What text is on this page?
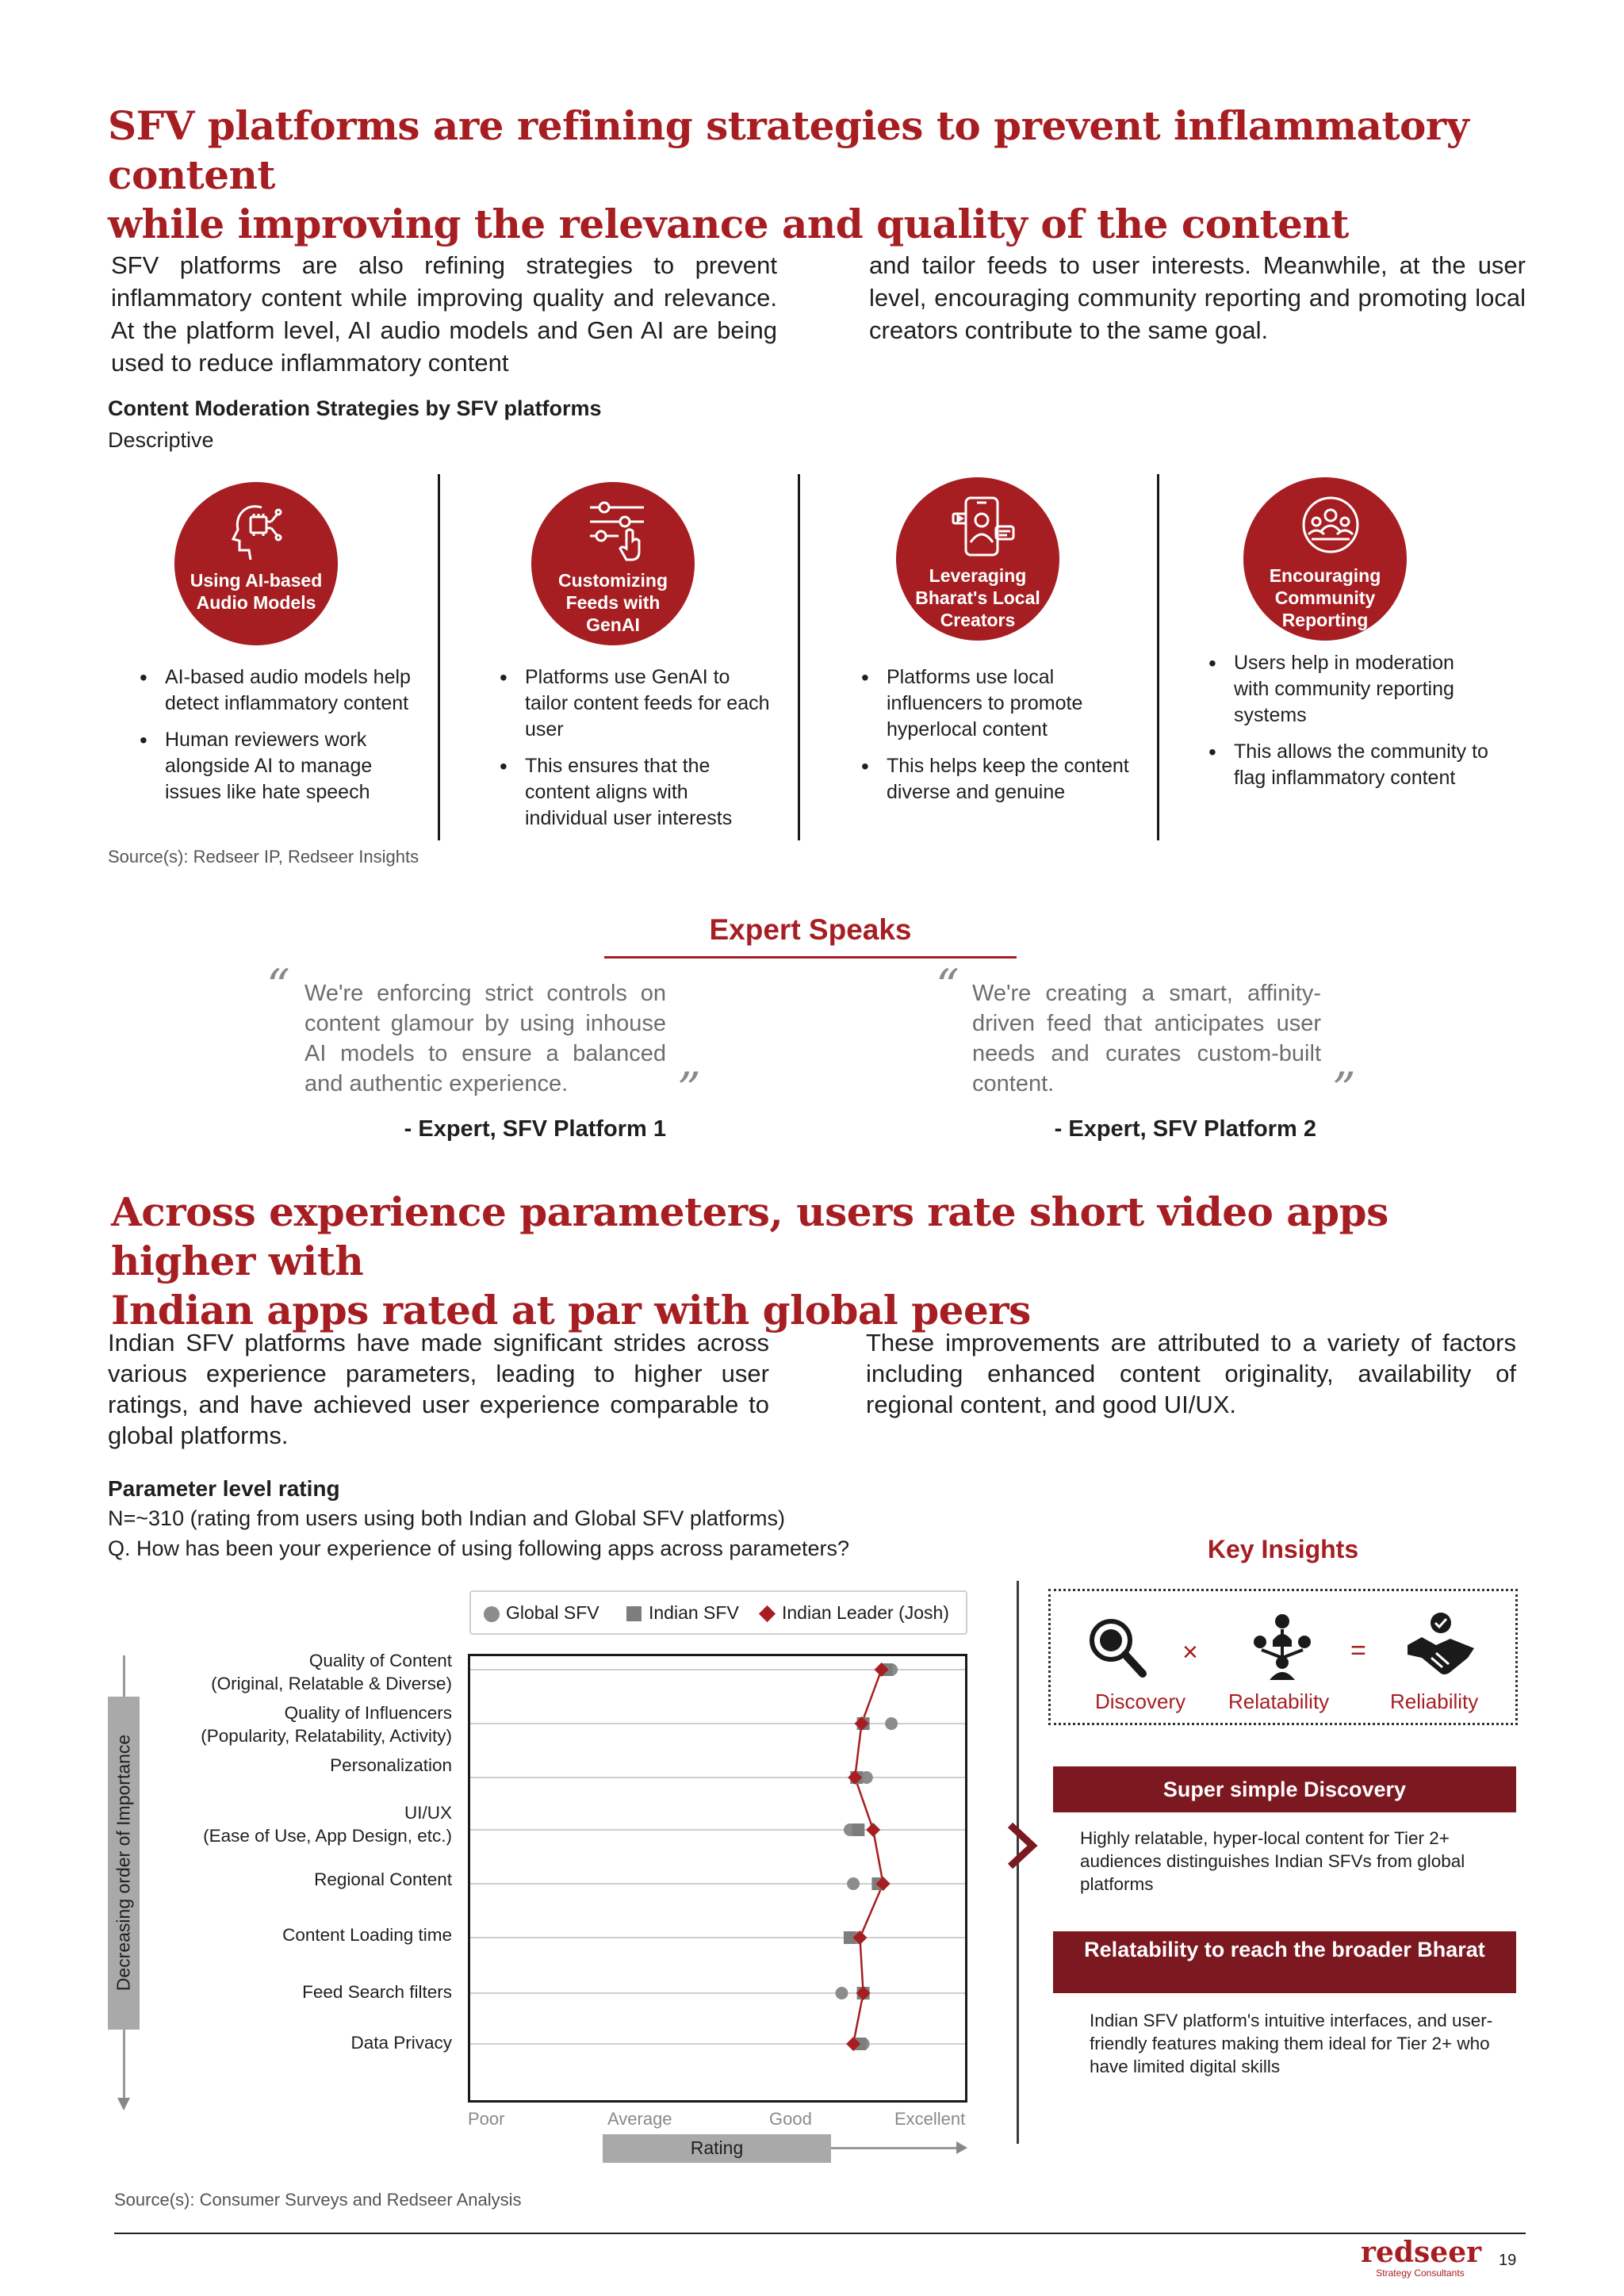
SFV platforms are refining strategies to prevent inflammatory content
while improving the relevance and quality of the content
SFV platforms are also refining strategies to prevent inflammatory content while improving quality and relevance. At the platform level, AI audio models and Gen AI are being used to reduce inflammatory content
and tailor feeds to user interests. Meanwhile, at the user level, encouraging community reporting and promoting local creators contribute to the same goal.
Content Moderation Strategies by SFV platforms
Descriptive
Using AI-based Audio Models
• AI-based audio models help detect inflammatory content
• Human reviewers work alongside AI to manage issues like hate speech
Customizing Feeds with GenAI
• Platforms use GenAI to tailor content feeds for each user
• This ensures that the content aligns with individual user interests
Leveraging Bharat's Local Creators
• Platforms use local influencers to promote hyperlocal content
• This helps keep the content diverse and genuine
Encouraging Community Reporting
• Users help in moderation with community reporting systems
• This allows the community to flag inflammatory content
Source(s): Redseer IP, Redseer Insights
Expert Speaks
“ We're enforcing strict controls on content glamour by using inhouse AI models to ensure a balanced and authentic experience.	”
- Expert, SFV Platform 1
“ We're creating a smart, affinity-driven feed that anticipates user needs and curates custom-built content.	”
- Expert, SFV Platform 2
Across experience parameters, users rate short video apps higher with
Indian apps rated at par with global peers
Indian SFV platforms have made significant strides across various experience parameters, leading to higher user ratings, and have achieved user experience comparable to global platforms.
These improvements are attributed to a variety of factors including enhanced content originality, availability of regional content, and good UI/UX.
Parameter level rating
N=~310 (rating from users using both Indian and Global SFV platforms)
Q. How has been your experience of using following apps across parameters?
Global SFV	Indian SFV Indian Leader (Josh)
Decreasing order of Importance
Quality of Content
(Original, Relatable & Diverse)
Quality of Influencers
(Popularity, Relatability, Activity)
Personalization
UI/UX
(Ease of Use, App Design, etc.)
Regional Content
Content Loading time
Feed Search filters
Data Privacy
Poor	Average	Good	Excellent
Rating
Source(s): Consumer Surveys and Redseer Analysis
Key Insights
×	=
Discovery Relatability	Reliability
Super simple Discovery
Highly relatable, hyper-local content for Tier 2+ audiences distinguishes Indian SFVs from global platforms
Relatability to reach the broader Bharat
Indian SFV platform's intuitive interfaces, and user-friendly features making them ideal for Tier 2+ who have limited digital skills
redseer
Strategy Consultants
19
